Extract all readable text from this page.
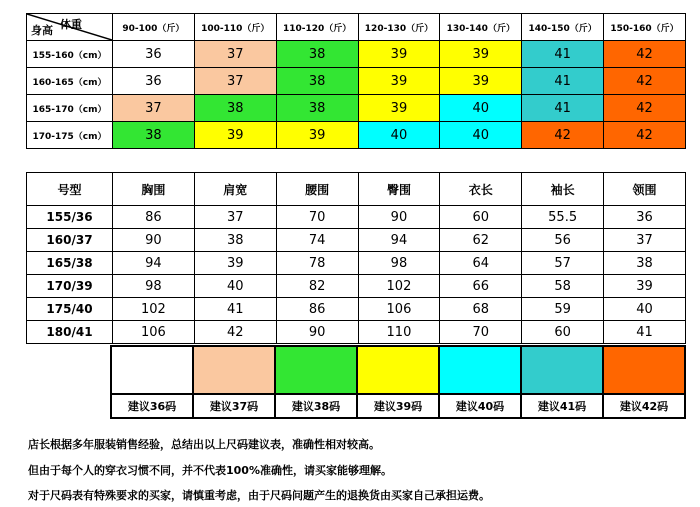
体重
身高	90-100（斤）	100-110（斤）	110-120（斤）	120-130（斤）	130-140（斤）	140-150（斤）	150-160（斤）
155-160（cm）	36	37	38	39	39	41	42
160-165（cm）	36	37	38	39	39	41	42
165-170（cm）	37	38	38	39	40	41	42
170-175（cm）	38	39	39	40	40	42	42
号型	胸围	肩宽	腰围	臀围	衣长	袖长	领围
155/36	86	37	70	90	60	55.5	36
160/37	90	38	74	94	62	56	37
165/38	94	39	78	98	64	57	38
170/39	98	40	82	102	66	58	39
175/40	102	41	86	106	68	59	40
180/41	106	42	90	110	70	60	41

建议36码	建议37码	建议38码	建议39码	建议40码	建议41码	建议42码
店长根据多年服装销售经验，总结出以上尺码建议表，准确性相对较高。
但由于每个人的穿衣习惯不同，并不代表100%准确性，请买家能够理解。
对于尺码表有特殊要求的买家，请慎重考虑，由于尺码问题产生的退换货由买家自己承担运费。
